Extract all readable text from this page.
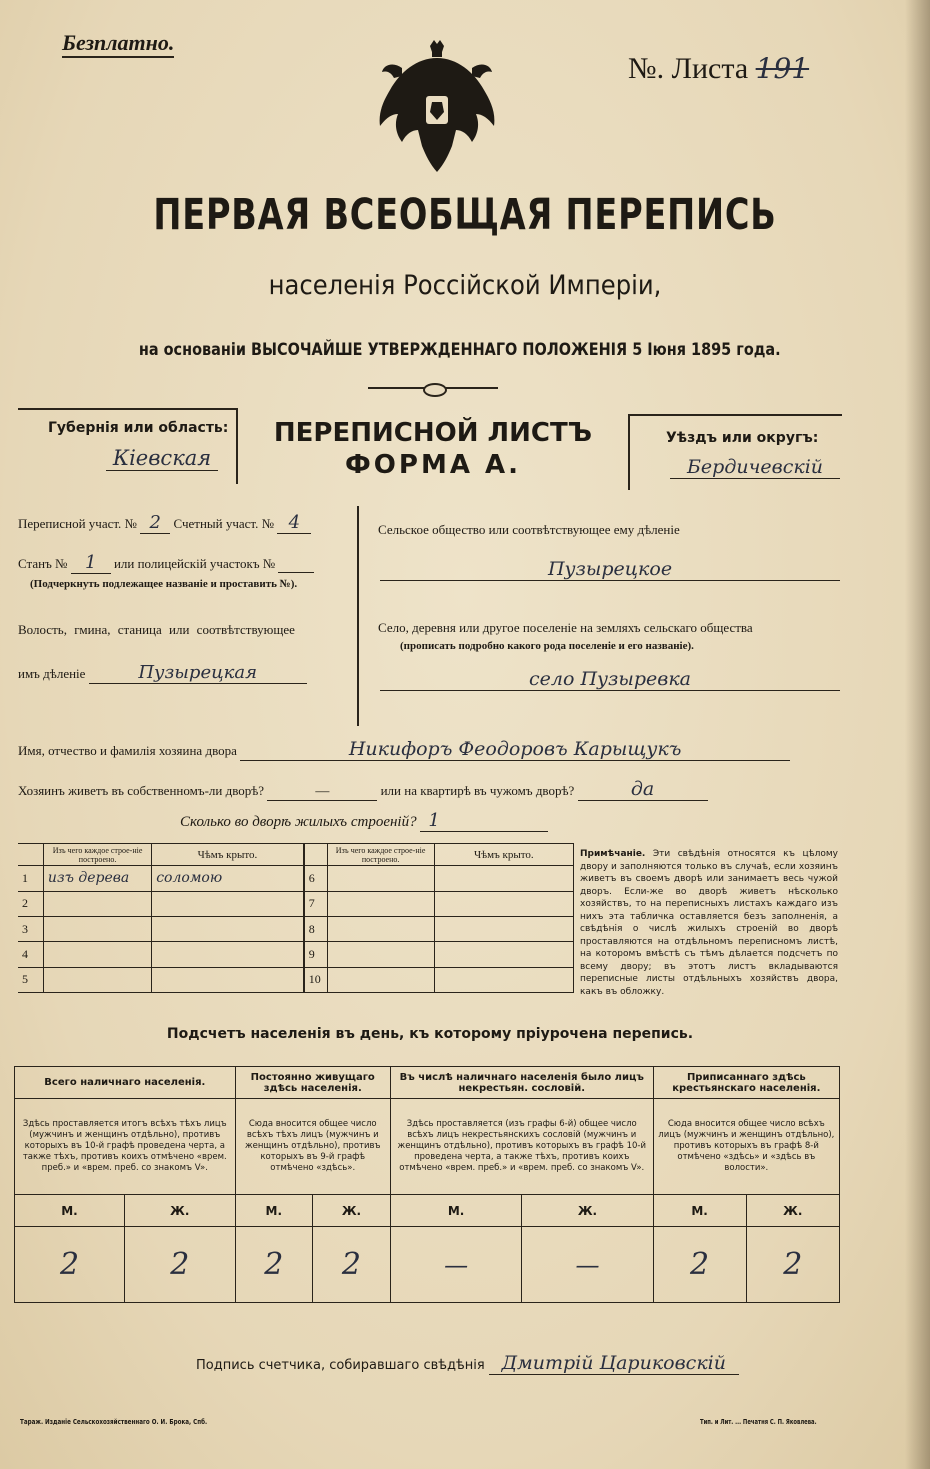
Безплатно.
№. Листа 191
ПЕРВАЯ ВСЕОБЩАЯ ПЕРЕПИСЬ
населенія Россійской Имперіи,
на основаніи ВЫСОЧАЙШЕ УТВЕРЖДЕННАГО ПОЛОЖЕНІЯ 5 Іюня 1895 года.
Губернія или область:
Кіевская
ПЕРЕПИСНОЙ ЛИСТЪ
ФОРМА А.
Уѣздъ или округъ:
Бердичевскій
Переписной участ. № 2 Счетный участ. № 4
Станъ № 1 или полицейскій участокъ №
(Подчеркнуть подлежащее названіе и проставить №).
Волость, гмина, станица или соотвѣтствующее
имъ дѣленіе	Пузырецкая
Сельское общество или соотвѣтствующее ему дѣленіе
Пузырецкое
Село, деревня или другое поселеніе на земляхъ сельскаго общества
(прописать подробно какого рода поселеніе и его названіе).
село Пузыревка
Имя, отчество и фамилія хозяина двора	Никифоръ Феодоровъ Карыщукъ
Хозяинъ живетъ въ собственномъ-ли дворѣ?	—	или на квартирѣ въ чужомъ дворѣ?	да
Сколько во дворѣ жилыхъ строеній? 1
	Изъ чего каждое строе-ніе построено.	Чѣмъ крыто.		Изъ чего каждое строе-ніе построено.	Чѣмъ крыто.
1	изъ дерева	соломою	6		
2			7		
3			8		
4			9		
5			10		
Примѣчаніе. Эти свѣдѣнія относятся къ цѣлому двору и заполняются только въ случаѣ, если хозяинъ живетъ въ своемъ дворѣ или занимаетъ весь чужой дворъ. Если-же во дворѣ живетъ нѣсколько хозяйствъ, то на переписныхъ листахъ каждаго изъ нихъ эта табличка оставляется безъ заполненія, а свѣдѣнія о числѣ жилыхъ строеній во дворѣ проставляются на отдѣльномъ переписномъ листѣ, на которомъ вмѣстѣ съ тѣмъ дѣлается подсчетъ по всему двору; въ этотъ листъ вкладываются переписные листы отдѣльныхъ хозяйствъ двора, какъ въ обложку.
Подсчетъ населенія въ день, къ которому пріурочена перепись.
Всего наличнаго населенія.		Постоянно живущаго здѣсь населенія.		Въ числѣ наличнаго населенія было лицъ некрестьян. сословій.		Приписаннаго здѣсь крестьянскаго населенія.	
Здѣсь проставляется итогъ всѣхъ тѣхъ лицъ (мужчинъ и женщинъ отдѣльно), противъ которыхъ въ 10-й графѣ проведена черта, а также тѣхъ, противъ коихъ отмѣчено «врем. преб.» и «врем. преб. со знакомъ V».		Сюда вносится общее число всѣхъ тѣхъ лицъ (мужчинъ и женщинъ отдѣльно), противъ которыхъ въ 9-й графѣ отмѣчено «здѣсь».		Здѣсь проставляется (изъ графы 6-й) общее число всѣхъ лицъ некрестьянскихъ сословій (мужчинъ и женщинъ отдѣльно), противъ которыхъ въ графѣ 10-й проведена черта, а также тѣхъ, противъ коихъ отмѣчено «врем. преб.» и «врем. преб. со знакомъ V».		Сюда вносится общее число всѣхъ лицъ (мужчинъ и женщинъ отдѣльно), противъ которыхъ въ графѣ 8-й отмѣчено «здѣсь» и «здѣсь въ волости».	
М.	Ж.	М.	Ж.	М.	Ж.	М.	Ж.
2	2	2	2	—	—	2	2
Подпись счетчика, собиравшаго свѣдѣнія Дмитрій Цариковскій
Тараж. Изданіе Сельскохозяйственнаго О. И. Брока, Спб.	Тип. и Лит. ... Печатня С. П. Яковлева.
